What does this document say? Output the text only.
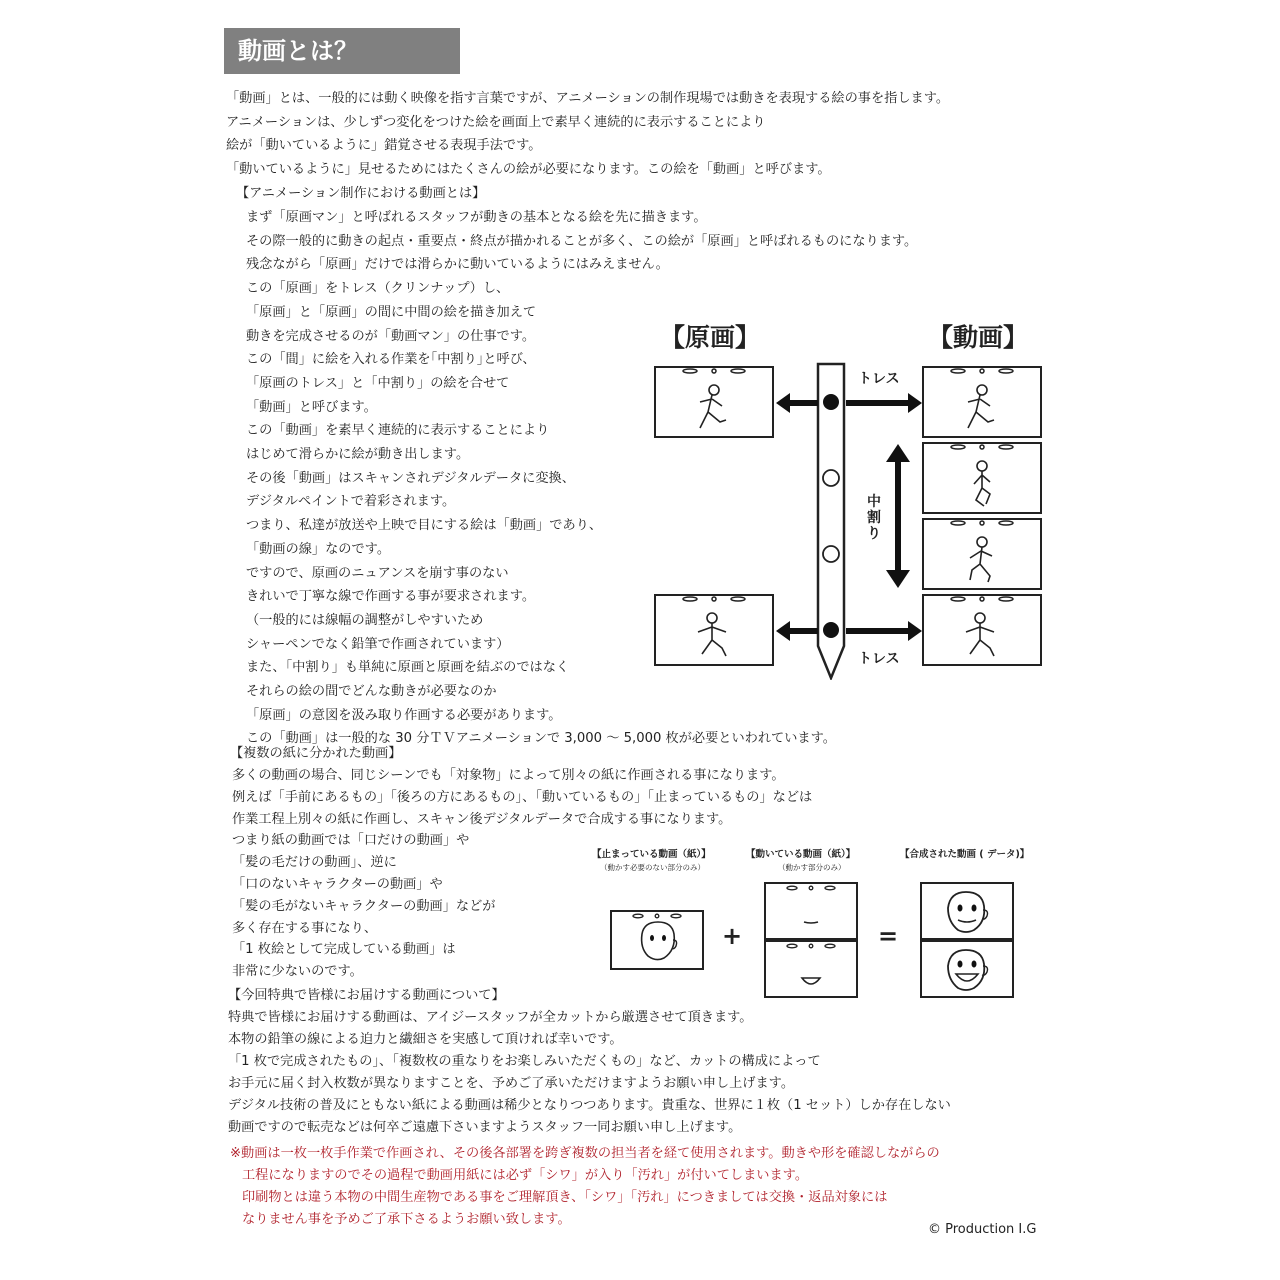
動画とは？
「動画」とは、一般的には動く映像を指す言葉ですが、アニメーションの制作現場では動きを表現する絵の事を指します。
アニメーションは、少しずつ変化をつけた絵を画面上で素早く連続的に表示することにより
絵が「動いているように」錯覚させる表現手法です。
「動いているように」見せるためにはたくさんの絵が必要になります。この絵を「動画」と呼びます。
【アニメーション制作における動画とは】
まず「原画マン」と呼ばれるスタッフが動きの基本となる絵を先に描きます。
その際一般的に動きの起点・重要点・終点が描かれることが多く、この絵が「原画」と呼ばれるものになります。
残念ながら「原画」だけでは滑らかに動いているようにはみえません。
この「原画」をトレス（クリンナップ）し、
「原画」と「原画」の間に中間の絵を描き加えて
動きを完成させるのが「動画マン」の仕事です。
この「間」に絵を入れる作業を｢中割り｣と呼び、
「原画のトレス」と「中割り」の絵を合せて
「動画」と呼びます。
この「動画」を素早く連続的に表示することにより
はじめて滑らかに絵が動き出します。
その後「動画」はスキャンされデジタルデータに変換、
デジタルペイントで着彩されます。
つまり、私達が放送や上映で目にする絵は「動画」であり、
「動画の線」なのです。
ですので、原画のニュアンスを崩す事のない
きれいで丁寧な線で作画する事が要求されます。
（一般的には線幅の調整がしやすいため
シャーペンでなく鉛筆で作画されています）
また、「中割り」も単純に原画と原画を結ぶのではなく
それらの絵の間でどんな動きが必要なのか
「原画」の意図を汲み取り作画する必要があります。
この「動画」は一般的な 30 分ＴＶアニメーションで 3,000 ～ 5,000 枚が必要といわれています。
【複数の紙に分かれた動画】
多くの動画の場合、同じシーンでも「対象物」によって別々の紙に作画される事になります。
例えば「手前にあるもの」「後ろの方にあるもの」、「動いているもの」「止まっているもの」などは
作業工程上別々の紙に作画し、スキャン後デジタルデータで合成する事になります。
つまり紙の動画では「口だけの動画」や
「髪の毛だけの動画」、逆に
「口のないキャラクターの動画」や
「髪の毛がないキャラクターの動画」などが
多く存在する事になり、
「1 枚絵として完成している動画」は
非常に少ないのです。
【今回特典で皆様にお届けする動画について】
特典で皆様にお届けする動画は、アイジースタッフが全カットから厳選させて頂きます。
本物の鉛筆の線による迫力と繊細さを実感して頂ければ幸いです。
「1 枚で完成されたもの」、「複数枚の重なりをお楽しみいただくもの」など、カットの構成によって
お手元に届く封入枚数が異なりますことを、予めご了承いただけますようお願い申し上げます。
デジタル技術の普及にともない紙による動画は稀少となりつつあります。貴重な、世界に１枚（1 セット）しか存在しない
動画ですので転売などは何卒ご遠慮下さいますようスタッフ一同お願い申し上げます。
※動画は一枚一枚手作業で作画され、その後各部署を跨ぎ複数の担当者を経て使用されます。動きや形を確認しながらの
工程になりますのでその過程で動画用紙には必ず「シワ」が入り「汚れ」が付いてしまいます。
印刷物とは違う本物の中間生産物である事をご理解頂き、「シワ」「汚れ」につきましては交換・返品対象には
なりません事を予めご了承下さるようお願い致します。
© Production I.G
【原画】	【動画】
トレス
トレス
中割り
【止まっている動画（紙）】
（動かす必要のない部分のみ）
【動いている動画（紙）】
（動かす部分のみ）
【合成された動画 ( データ)】
+	=
